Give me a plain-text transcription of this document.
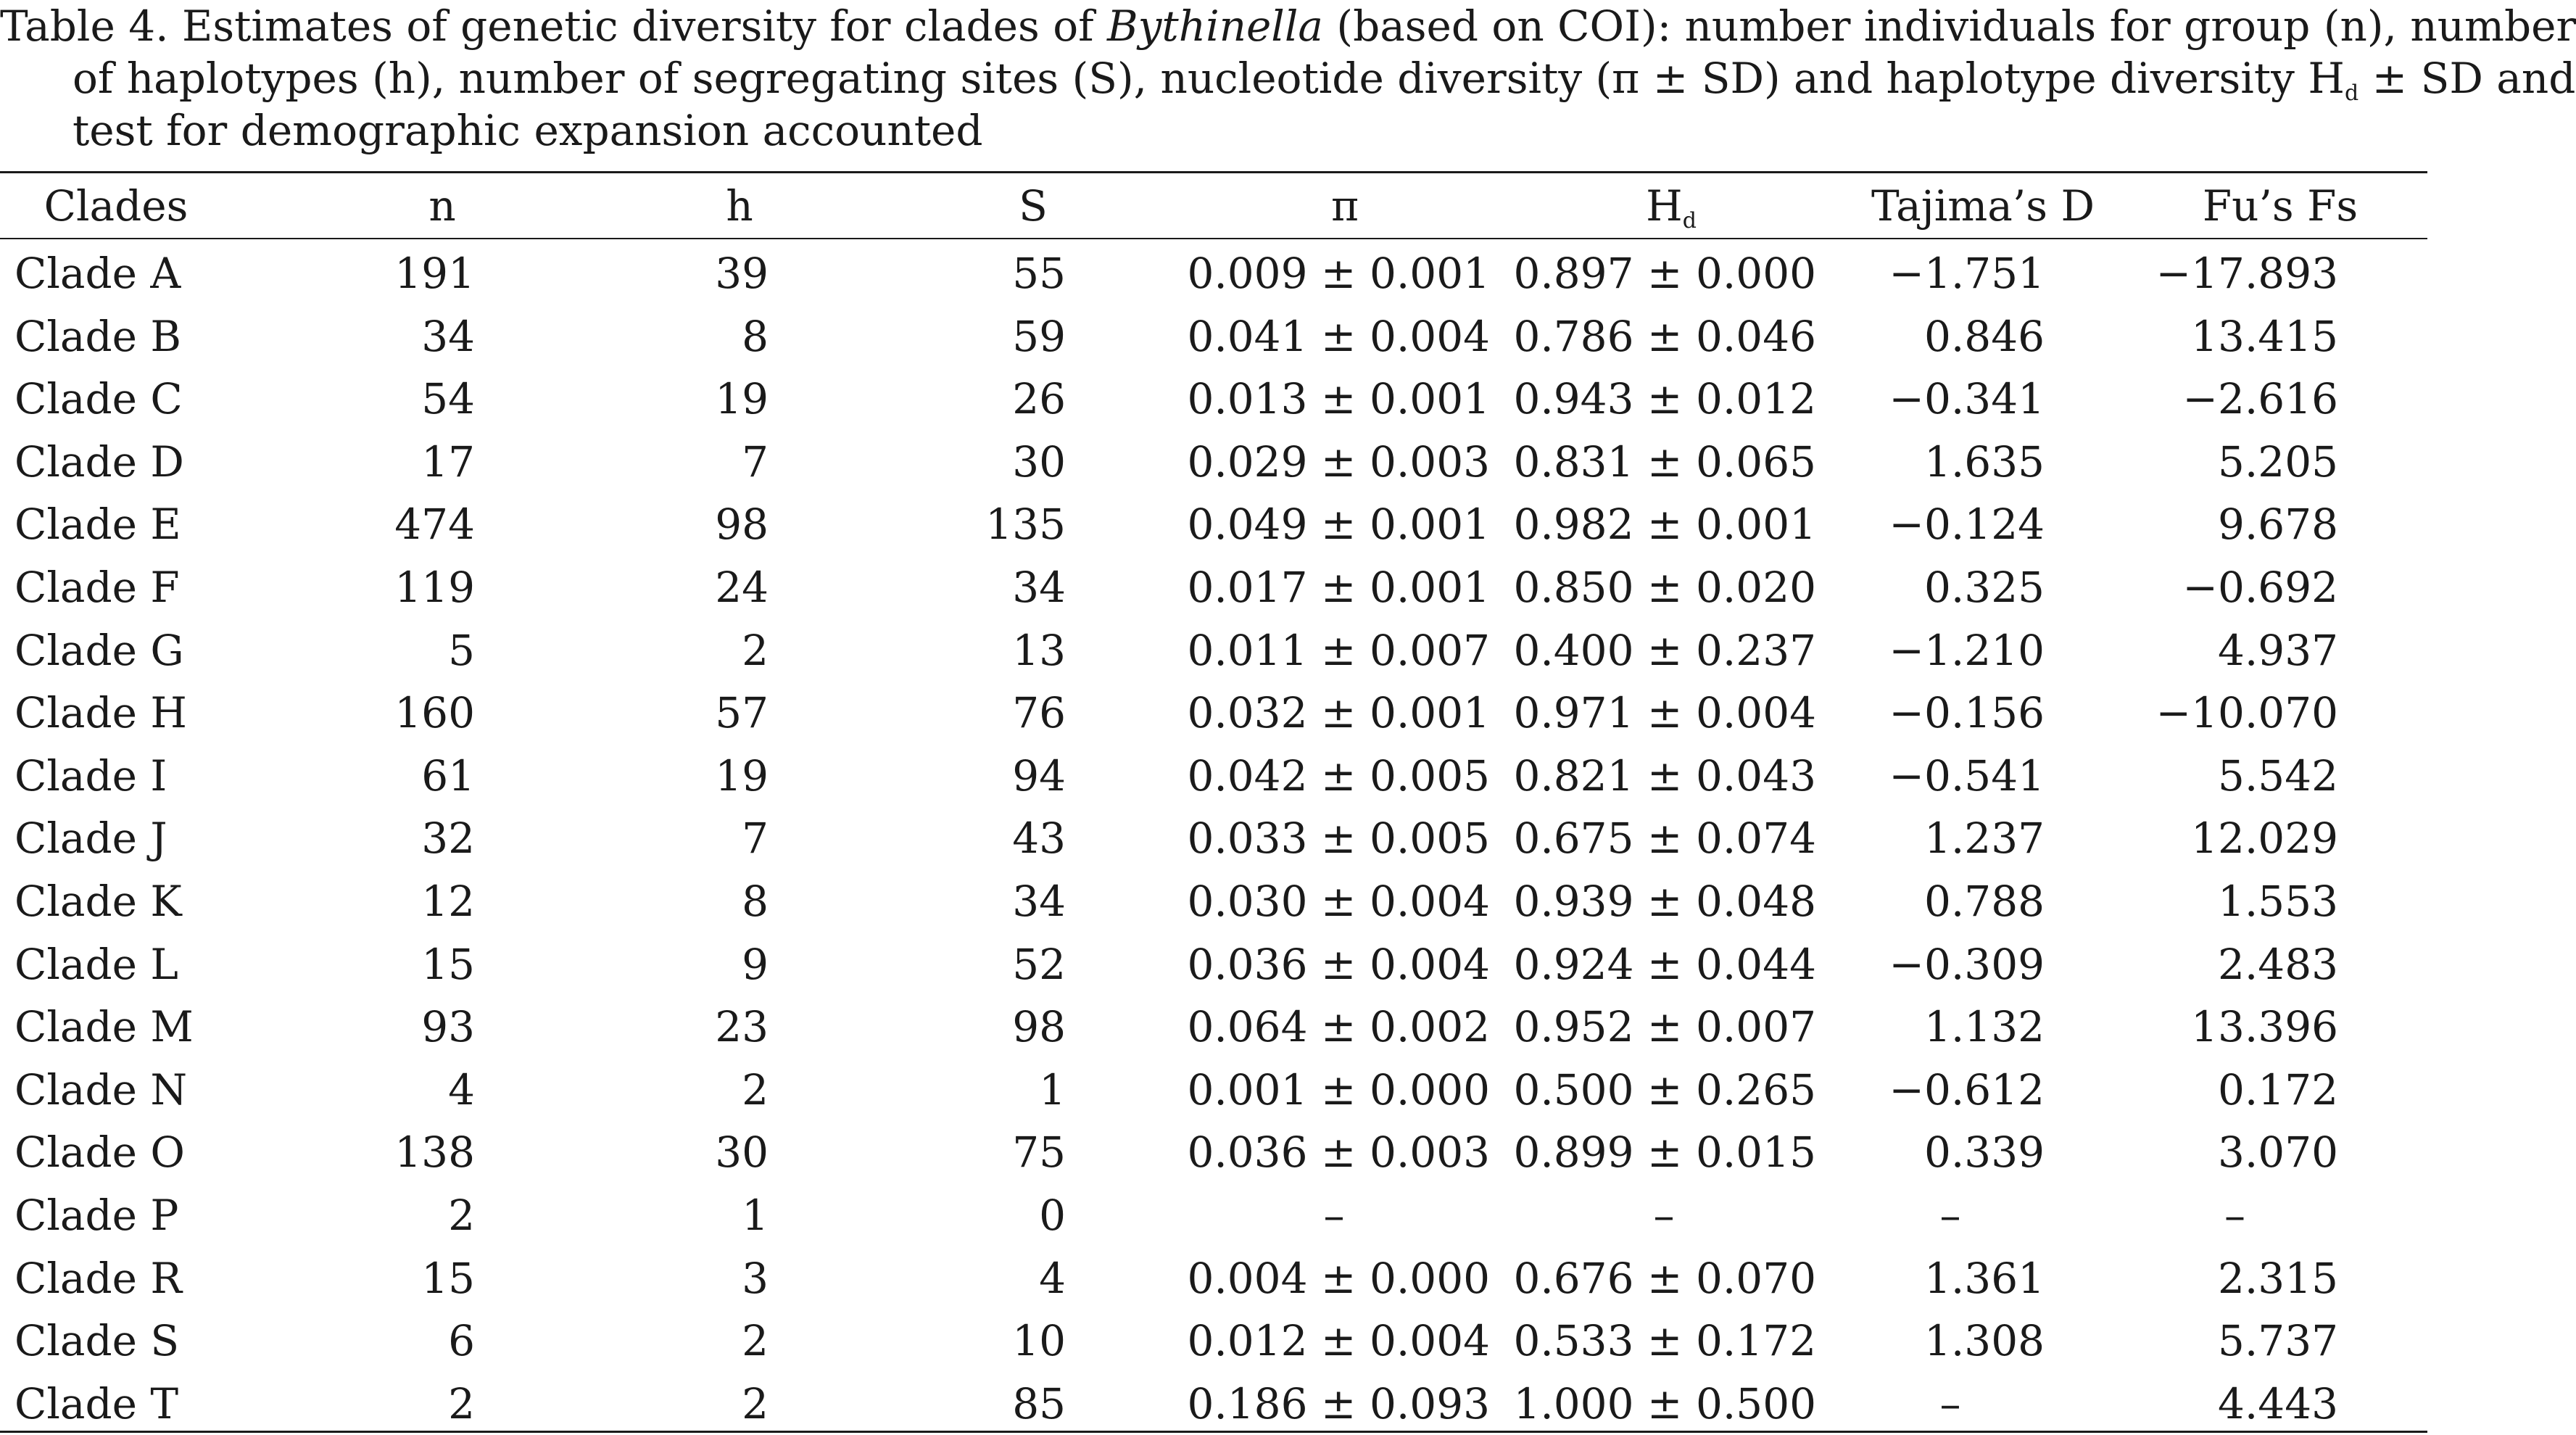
Table 4. Estimates of genetic diversity for clades of Bythinella (based on COI): number individuals for group (n), number
of haplotypes (h), number of segregating sites (S), nucleotide diversity (π ± SD) and haplotype diversity $H_d$ ± SD and
test for demographic expansion accounted
Clades	n	h	S	π	$H_d$	Tajima’s D	Fu’s Fs
Clade A	191	39	55	0.009 ± 0.001 0.897 ± 0.000	−1.751	−17.893
Clade B	34	8	59	0.041 ± 0.004 0.786 ± 0.046	0.846	13.415
Clade C	54	19	26	0.013 ± 0.001 0.943 ± 0.012	−0.341	−2.616
Clade D	17	7	30	0.029 ± 0.003 0.831 ± 0.065	1.635	5.205
Clade E	474	98	135	0.049 ± 0.001 0.982 ± 0.001	−0.124	9.678
Clade F	119	24	34	0.017 ± 0.001 0.850 ± 0.020	0.325	−0.692
Clade G	5	2	13	0.011 ± 0.007 0.400 ± 0.237	−1.210	4.937
Clade H	160	57	76	0.032 ± 0.001 0.971 ± 0.004	−0.156	−10.070
Clade I	61	19	94	0.042 ± 0.005 0.821 ± 0.043	−0.541	5.542
Clade J	32	7	43	0.033 ± 0.005 0.675 ± 0.074	1.237	12.029
Clade K	12	8	34	0.030 ± 0.004 0.939 ± 0.048	0.788	1.553
Clade L	15	9	52	0.036 ± 0.004 0.924 ± 0.044	−0.309	2.483
Clade M	93	23	98	0.064 ± 0.002 0.952 ± 0.007	1.132	13.396
Clade N	4	2	1	0.001 ± 0.000 0.500 ± 0.265	−0.612	0.172
Clade O	138	30	75	0.036 ± 0.003 0.899 ± 0.015	0.339	3.070
Clade P	2	1	0	–	–	–	–
Clade R	15	3	4	0.004 ± 0.000 0.676 ± 0.070	1.361	2.315
Clade S	6	2	10	0.012 ± 0.004 0.533 ± 0.172	1.308	5.737
Clade T	2	2	85	0.186 ± 0.093 1.000 ± 0.500	–	4.443
